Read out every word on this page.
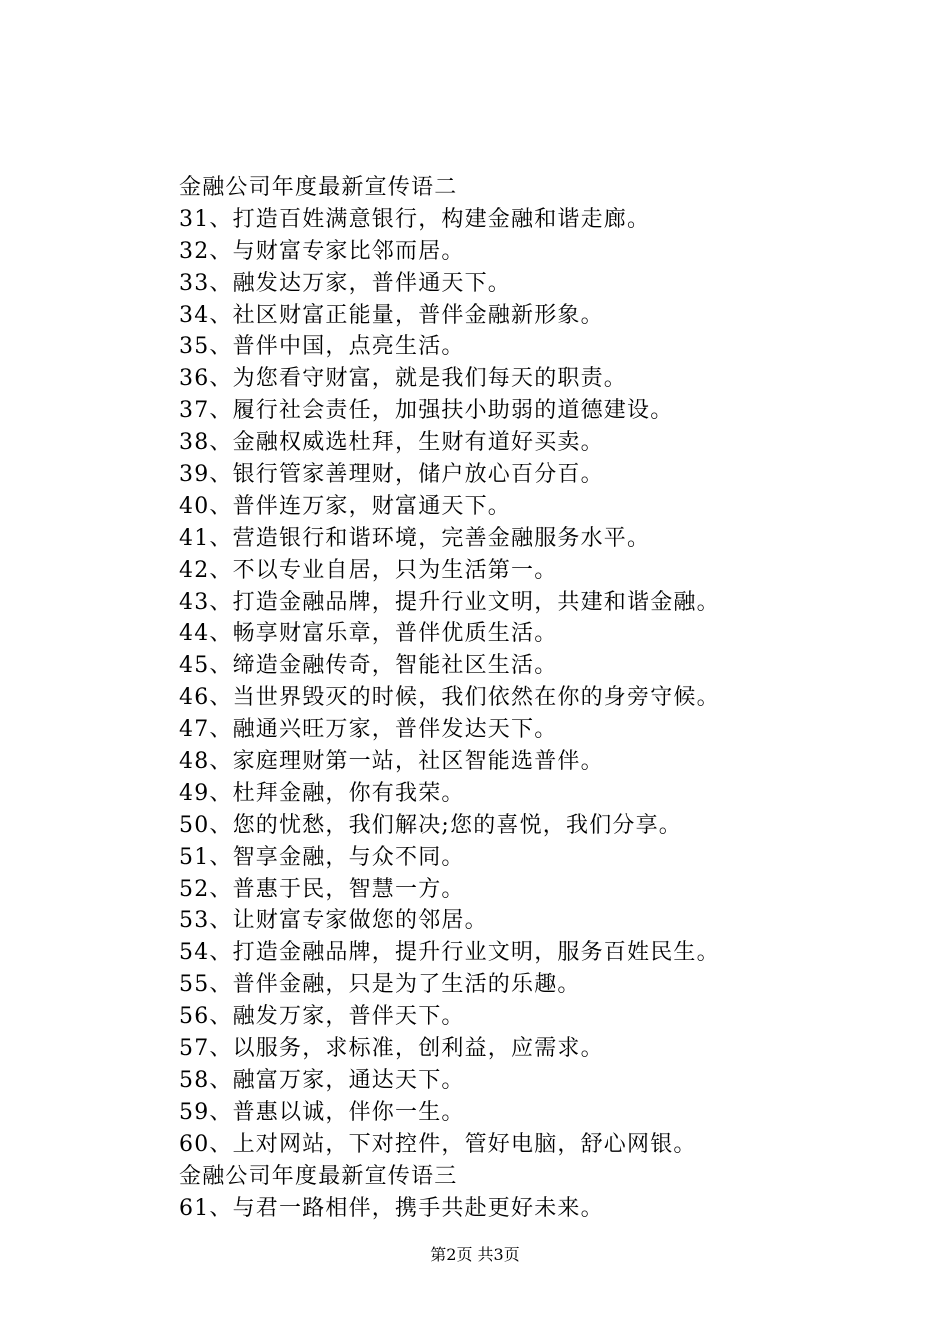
金融公司年度最新宣传语二
31、打造百姓满意银行，构建金融和谐走廊。
32、与财富专家比邻而居。
33、融发达万家，普伴通天下。
34、社区财富正能量，普伴金融新形象。
35、普伴中国，点亮生活。
36、为您看守财富，就是我们每天的职责。
37、履行社会责任，加强扶小助弱的道德建设。
38、金融权威选杜拜，生财有道好买卖。
39、银行管家善理财，储户放心百分百。
40、普伴连万家，财富通天下。
41、营造银行和谐环境，完善金融服务水平。
42、不以专业自居，只为生活第一。
43、打造金融品牌，提升行业文明，共建和谐金融。
44、畅享财富乐章，普伴优质生活。
45、缔造金融传奇，智能社区生活。
46、当世界毁灭的时候，我们依然在你的身旁守候。
47、融通兴旺万家，普伴发达天下。
48、家庭理财第一站，社区智能选普伴。
49、杜拜金融，你有我荣。
50、您的忧愁，我们解决;您的喜悦，我们分享。
51、智享金融，与众不同。
52、普惠于民，智慧一方。
53、让财富专家做您的邻居。
54、打造金融品牌，提升行业文明，服务百姓民生。
55、普伴金融，只是为了生活的乐趣。
56、融发万家，普伴天下。
57、以服务，求标准，创利益，应需求。
58、融富万家，通达天下。
59、普惠以诚，伴你一生。
60、上对网站，下对控件，管好电脑，舒心网银。
金融公司年度最新宣传语三
61、与君一路相伴，携手共赴更好未来。
第2页 共3页
